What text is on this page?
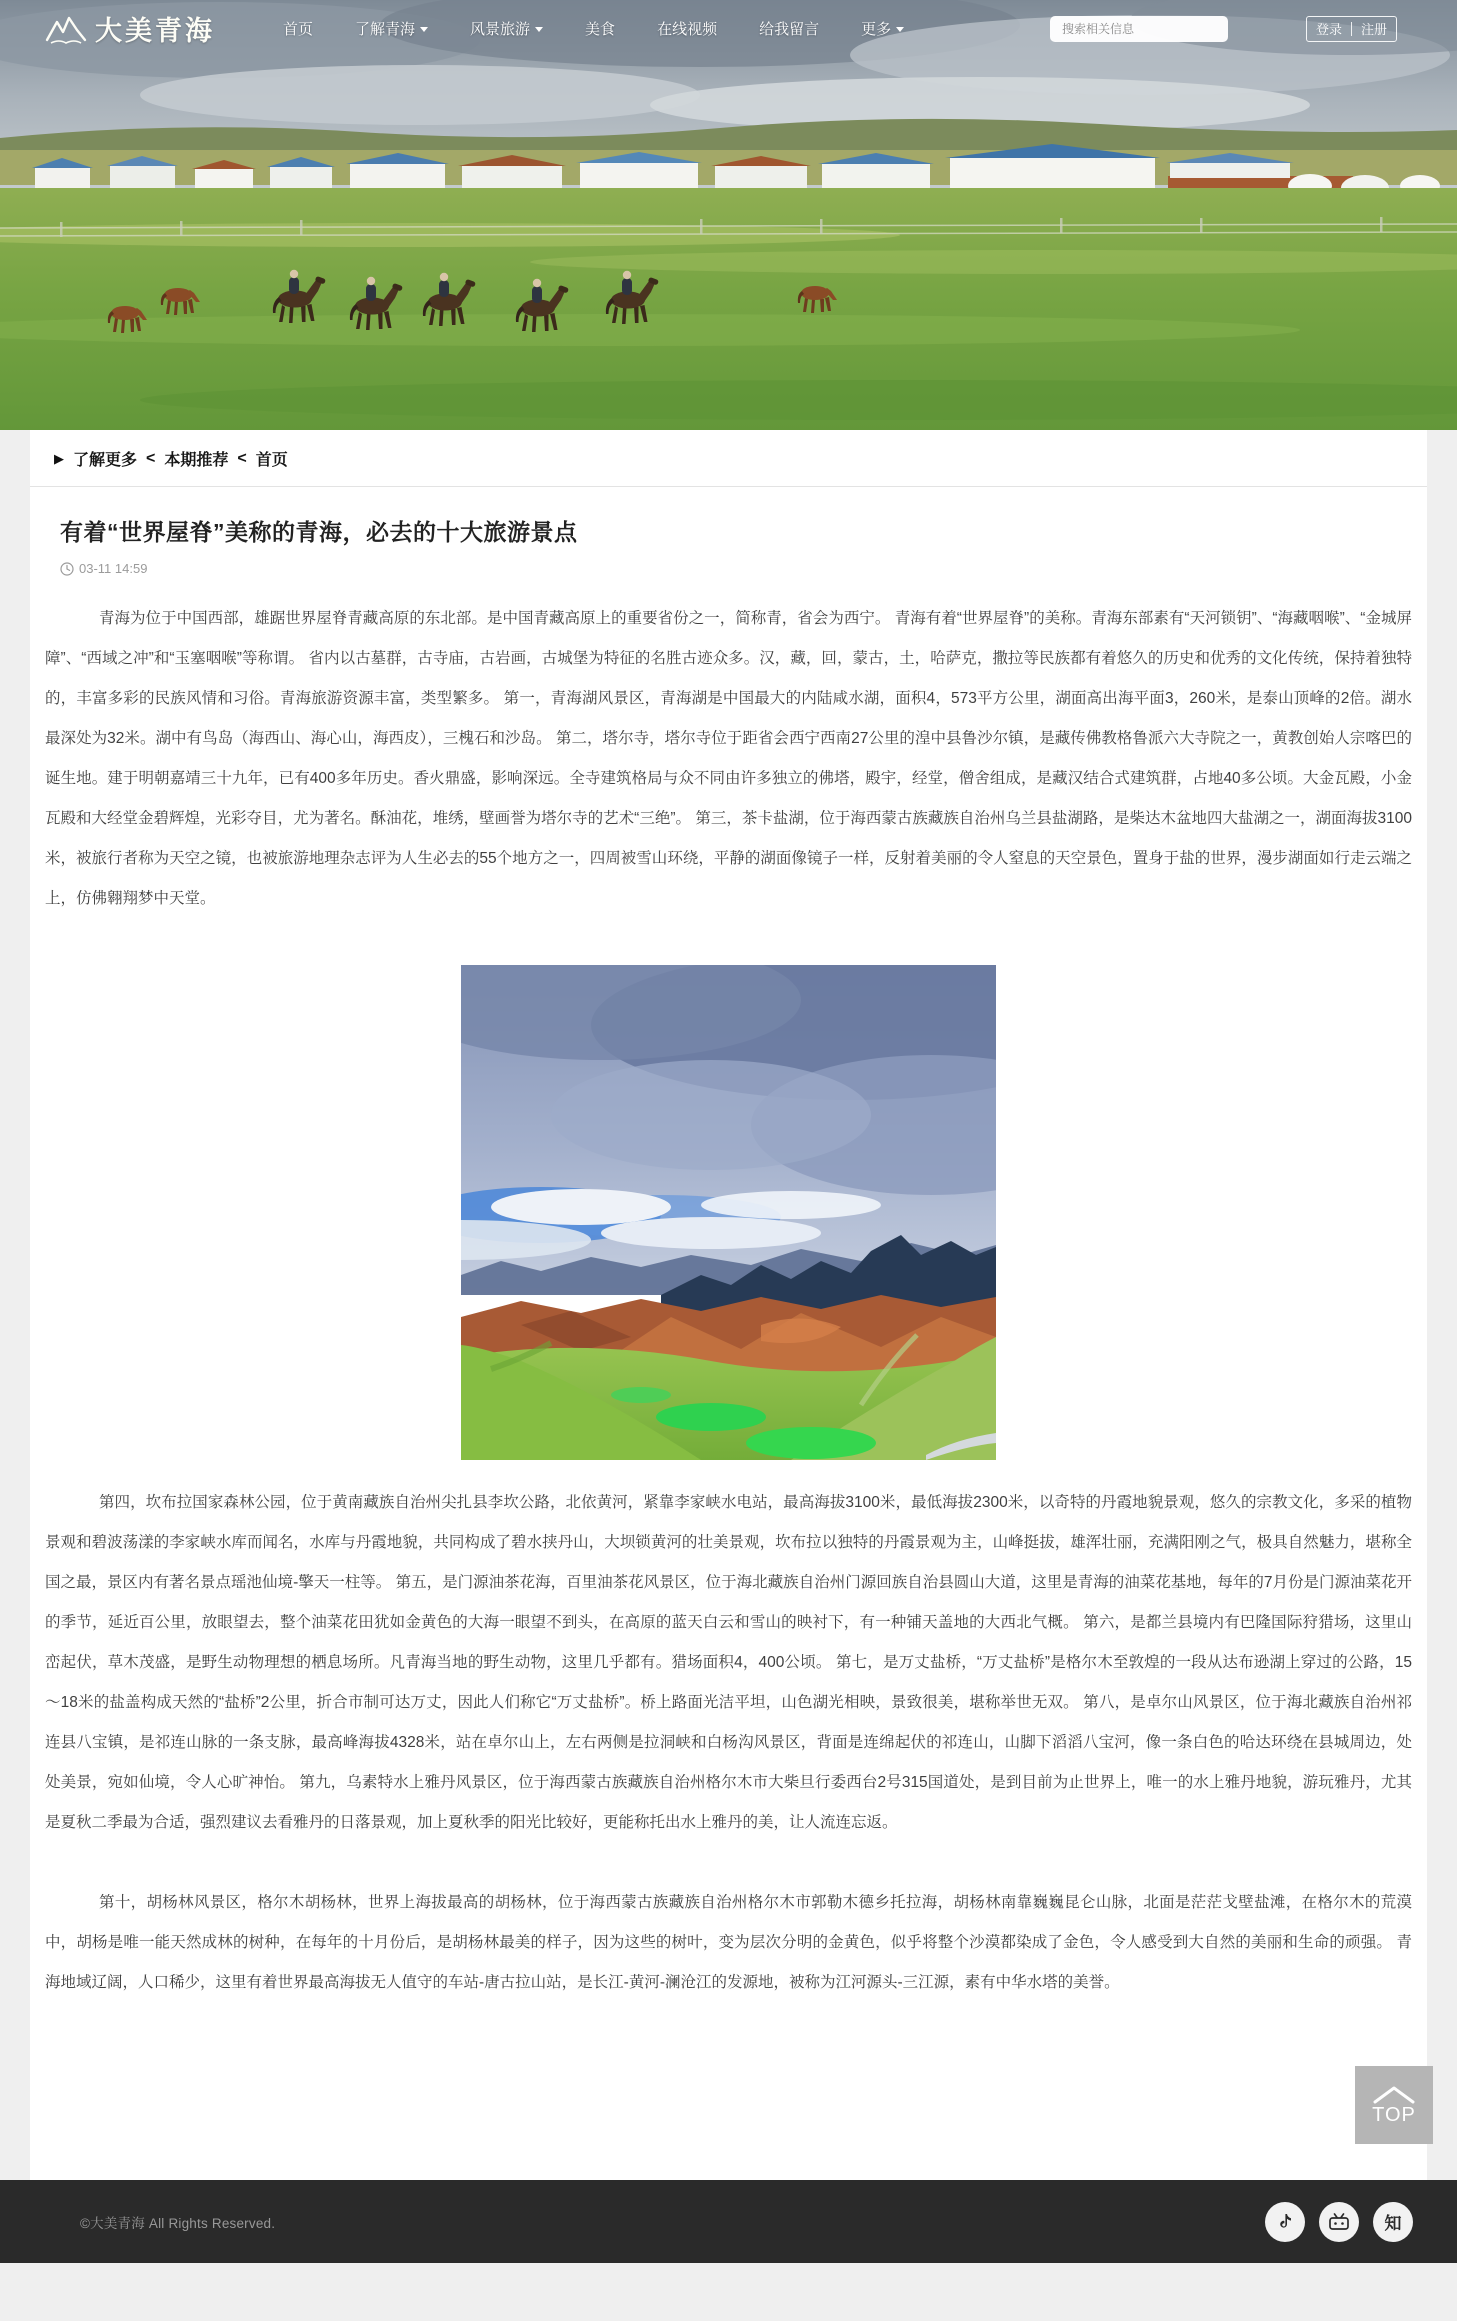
大美青海	首页	了解青海	风景旅游	美食	在线视频	给我留言	更多
搜索相关信息	登录	注册
▶ 了解更多 < 本期推荐 < 首页
有着“世界屋脊”美称的青海，必去的十大旅游景点
03-11 14:59

青海为位于中国西部，雄踞世界屋脊青藏高原的东北部。是中国青藏高原上的重要省份之一，简称青，省会为西宁。 青海有着“世界屋脊”的美称。青海东部素有“天河锁钥”、“海藏咽喉”、“金城屏障”、“西域之冲”和“玉塞咽喉”等称谓。 省内以古墓群，古寺庙，古岩画，古城堡为特征的名胜古迹众多。汉，藏，回，蒙古，土，哈萨克，撒拉等民族都有着悠久的历史和优秀的文化传统，保持着独特的，丰富多彩的民族风情和习俗。青海旅游资源丰富，类型繁多。 第一，青海湖风景区，青海湖是中国最大的内陆咸水湖，面积4，573平方公里，湖面高出海平面3，260米，是泰山顶峰的2倍。湖水最深处为32米。湖中有鸟岛（海西山、海心山，海西皮），三槐石和沙岛。 第二，塔尔寺，塔尔寺位于距省会西宁西南27公里的湟中县鲁沙尔镇，是藏传佛教格鲁派六大寺院之一，黄教创始人宗喀巴的诞生地。建于明朝嘉靖三十九年，已有400多年历史。香火鼎盛，影响深远。全寺建筑格局与众不同由许多独立的佛塔，殿宇，经堂，僧舍组成，是藏汉结合式建筑群，占地40多公顷。大金瓦殿，小金瓦殿和大经堂金碧辉煌，光彩夺目，尤为著名。酥油花，堆绣，壁画誉为塔尔寺的艺术“三绝”。 第三，茶卡盐湖，位于海西蒙古族藏族自治州乌兰县盐湖路，是柴达木盆地四大盐湖之一，湖面海拔3100米，被旅行者称为天空之镜，也被旅游地理杂志评为人生必去的55个地方之一，四周被雪山环绕，平静的湖面像镜子一样，反射着美丽的令人窒息的天空景色，置身于盐的世界，漫步湖面如行走云端之上，仿佛翱翔梦中天堂。

第四，坎布拉国家森林公园，位于黄南藏族自治州尖扎县李坎公路，北依黄河，紧靠李家峡水电站，最高海拔3100米，最低海拔2300米，以奇特的丹霞地貌景观，悠久的宗教文化，多采的植物景观和碧波荡漾的李家峡水库而闻名，水库与丹霞地貌，共同构成了碧水挟丹山，大坝锁黄河的壮美景观，坎布拉以独特的丹霞景观为主，山峰挺拔，雄浑壮丽，充满阳刚之气，极具自然魅力，堪称全国之最，景区内有著名景点瑶池仙境-擎天一柱等。 第五，是门源油茶花海，百里油茶花风景区，位于海北藏族自治州门源回族自治县圆山大道，这里是青海的油菜花基地，每年的7月份是门源油菜花开的季节，延近百公里，放眼望去，整个油菜花田犹如金黄色的大海一眼望不到头，在高原的蓝天白云和雪山的映衬下，有一种铺天盖地的大西北气概。 第六，是都兰县境内有巴隆国际狩猎场，这里山峦起伏，草木茂盛，是野生动物理想的栖息场所。凡青海当地的野生动物，这里几乎都有。猎场面积4，400公顷。 第七，是万丈盐桥，“万丈盐桥”是格尔木至敦煌的一段从达布逊湖上穿过的公路，15～18米的盐盖构成天然的“盐桥”2公里，折合市制可达万丈，因此人们称它“万丈盐桥”。桥上路面光洁平坦，山色湖光相映，景致很美，堪称举世无双。 第八，是卓尔山风景区，位于海北藏族自治州祁连县八宝镇，是祁连山脉的一条支脉，最高峰海拔4328米，站在卓尔山上，左右两侧是拉洞峡和白杨沟风景区，背面是连绵起伏的祁连山，山脚下滔滔八宝河，像一条白色的哈达环绕在县城周边，处处美景，宛如仙境，令人心旷神怡。 第九，乌素特水上雅丹风景区，位于海西蒙古族藏族自治州格尔木市大柴旦行委西台2号315国道处，是到目前为止世界上，唯一的水上雅丹地貌，游玩雅丹，尤其是夏秋二季最为合适，强烈建议去看雅丹的日落景观，加上夏秋季的阳光比较好，更能称托出水上雅丹的美，让人流连忘返。

第十，胡杨林风景区，格尔木胡杨林，世界上海拔最高的胡杨林，位于海西蒙古族藏族自治州格尔木市郭勒木德乡托拉海，胡杨林南靠巍巍昆仑山脉，北面是茫茫戈壁盐滩，在格尔木的荒漠中，胡杨是唯一能天然成林的树种，在每年的十月份后，是胡杨林最美的样子，因为这些的树叶，变为层次分明的金黄色，似乎将整个沙漠都染成了金色，令人感受到大自然的美丽和生命的顽强。 青海地域辽阔，人口稀少，这里有着世界最高海拔无人值守的车站-唐古拉山站，是长江-黄河-澜沧江的发源地，被称为江河源头-三江源，素有中华水塔的美誉。

TOP
©大美青海 All Rights Reserved.	知
